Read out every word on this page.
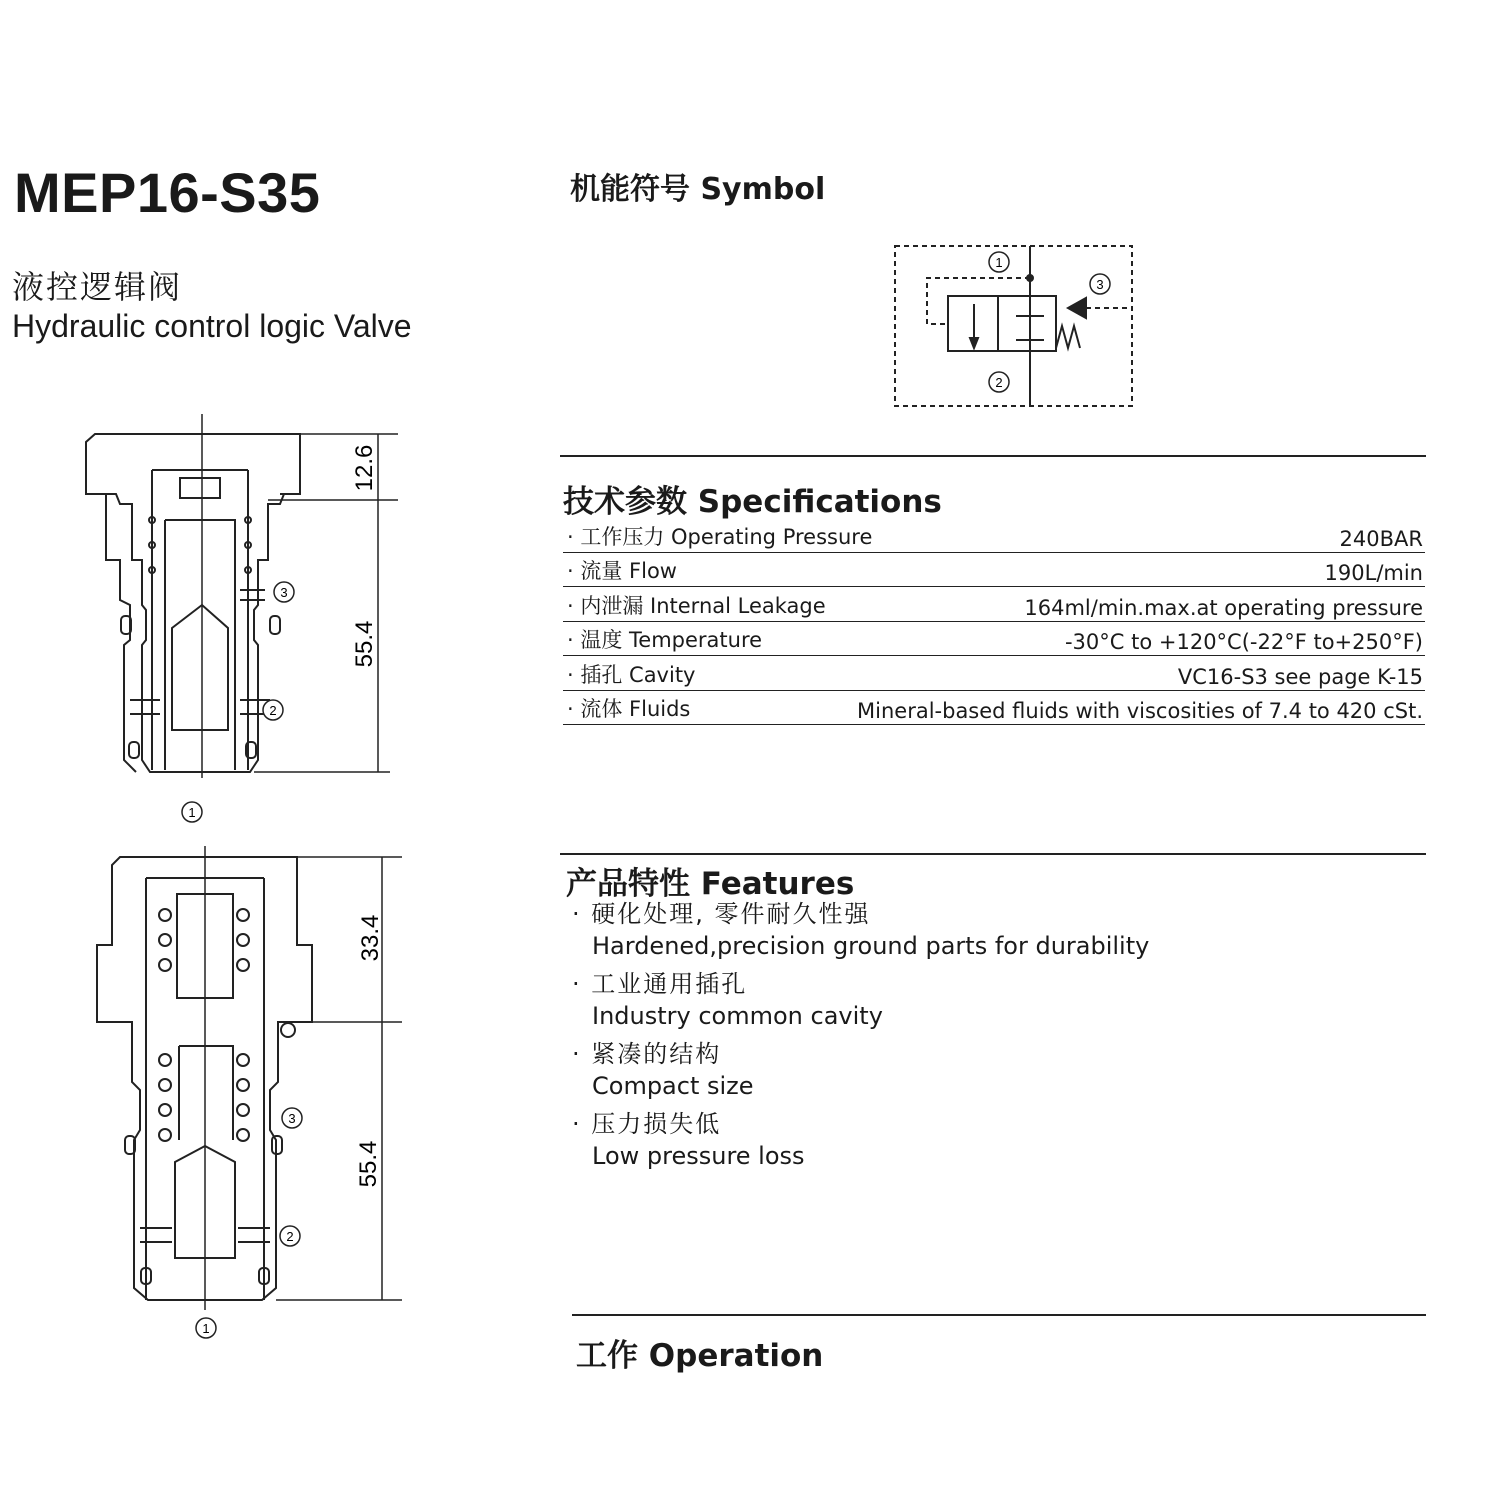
MEP16-S35
液控逻辑阀
Hydraulic control logic Valve
机能符号 Symbol
1
3
2
12.6
55.4
3
2
1
33.4
55.4
3
2
1
技术参数 Specifications
· 工作压力 Operating Pressure	240BAR
· 流量 Flow	190L/min
· 内泄漏 Internal Leakage	164ml/min.max.at operating pressure
· 温度 Temperature	-30°C to +120°C(-22°F to+250°F)
· 插孔 Cavity	VC16-S3 see page K-15
· 流体 Fluids	Mineral-based fluids with viscosities of 7.4 to 420 cSt.
产品特性 Features
· 硬化处理, 零件耐久性强
Hardened,precision ground parts for durability
· 工业通用插孔
Industry common cavity
· 紧凑的结构
Compact size
· 压力损失低
Low pressure loss
工作 Operation
